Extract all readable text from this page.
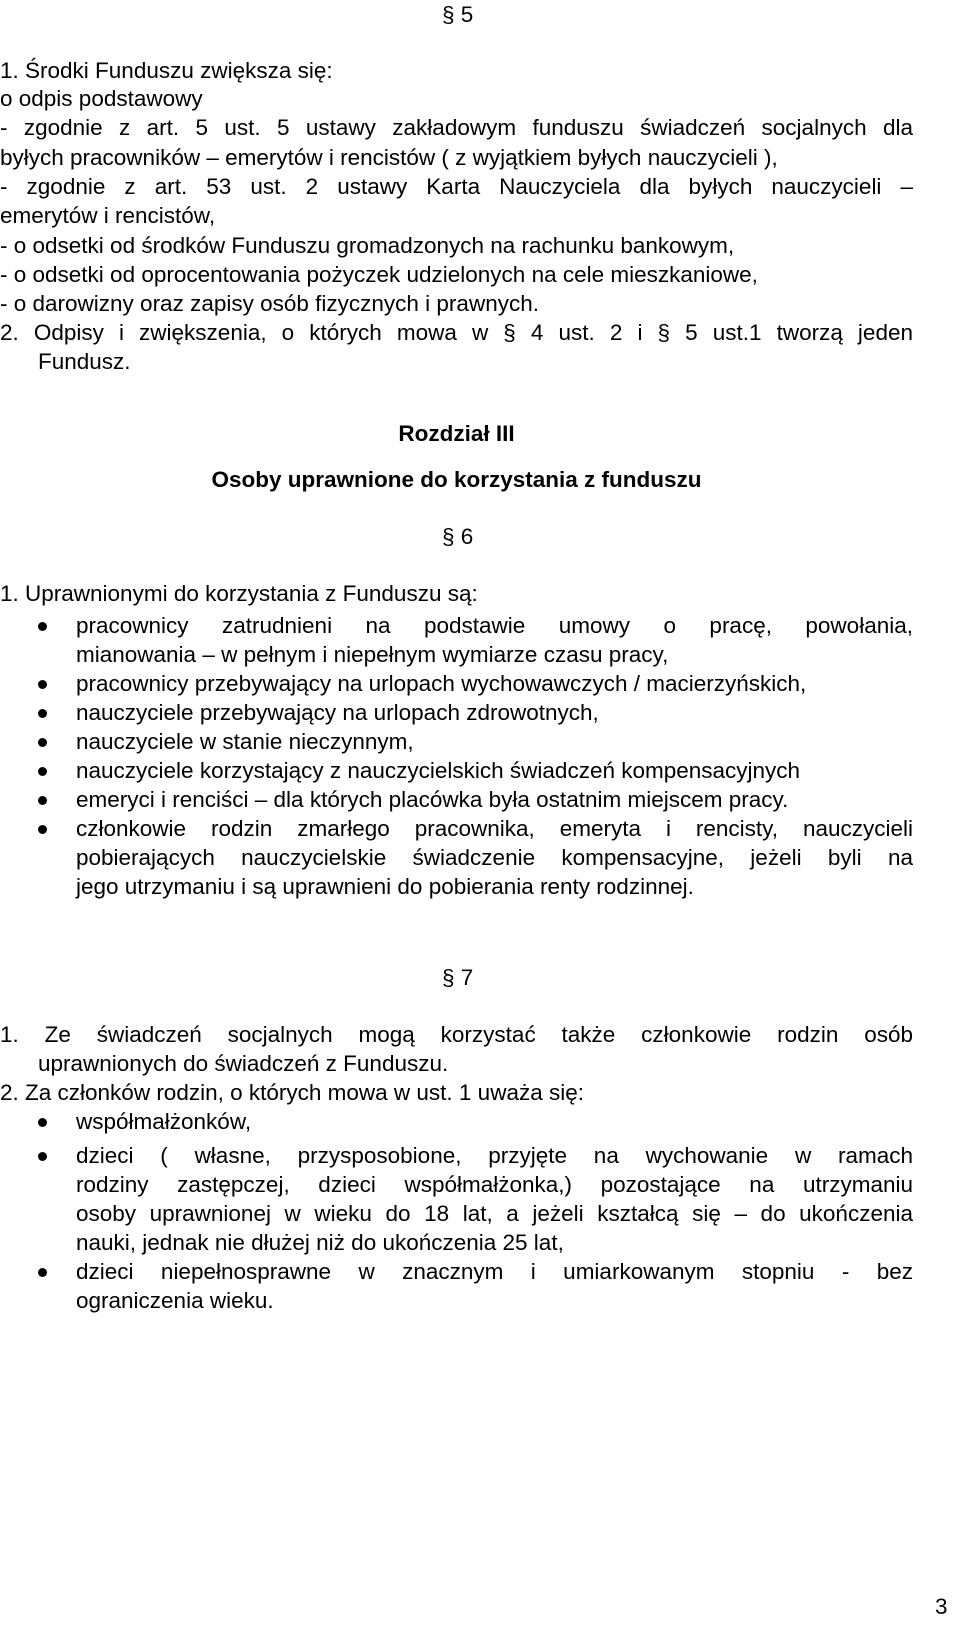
§ 5
1. Środki Funduszu zwiększa się:
o odpis podstawowy
- zgodnie z art. 5 ust. 5 ustawy zakładowym funduszu świadczeń socjalnych dla
byłych pracowników – emerytów i rencistów ( z wyjątkiem byłych nauczycieli ),
- zgodnie z art. 53 ust. 2 ustawy Karta Nauczyciela dla byłych nauczycieli –
emerytów i rencistów,
- o odsetki od środków Funduszu gromadzonych na rachunku bankowym,
- o odsetki od oprocentowania pożyczek udzielonych na cele mieszkaniowe,
- o darowizny oraz zapisy osób fizycznych i prawnych.
2. Odpisy i zwiększenia, o których mowa w § 4 ust. 2 i § 5 ust.1 tworzą jeden
Fundusz.
Rozdział III
Osoby uprawnione do korzystania z funduszu
§ 6
1. Uprawnionymi do korzystania z Funduszu są:
pracownicy zatrudnieni na podstawie umowy o pracę, powołania,
mianowania – w pełnym i niepełnym wymiarze czasu pracy,
pracownicy przebywający na urlopach wychowawczych / macierzyńskich,
nauczyciele przebywający na urlopach zdrowotnych,
nauczyciele w stanie nieczynnym,
nauczyciele korzystający z nauczycielskich świadczeń kompensacyjnych
emeryci i renciści – dla których placówka była ostatnim miejscem pracy.
członkowie rodzin zmarłego pracownika, emeryta i rencisty, nauczycieli
pobierających nauczycielskie świadczenie kompensacyjne, jeżeli byli na
jego utrzymaniu i są uprawnieni do pobierania renty rodzinnej.
§ 7
1. Ze świadczeń socjalnych mogą korzystać także członkowie rodzin osób
uprawnionych do świadczeń z Funduszu.
2. Za członków rodzin, o których mowa w ust. 1 uważa się:
współmałżonków,
dzieci ( własne, przysposobione, przyjęte na wychowanie w ramach
rodziny zastępczej, dzieci współmałżonka,) pozostające na utrzymaniu
osoby uprawnionej w wieku do 18 lat, a jeżeli kształcą się – do ukończenia
nauki, jednak nie dłużej niż do ukończenia 25 lat,
dzieci niepełnosprawne w znacznym i umiarkowanym stopniu - bez
ograniczenia wieku.
3
